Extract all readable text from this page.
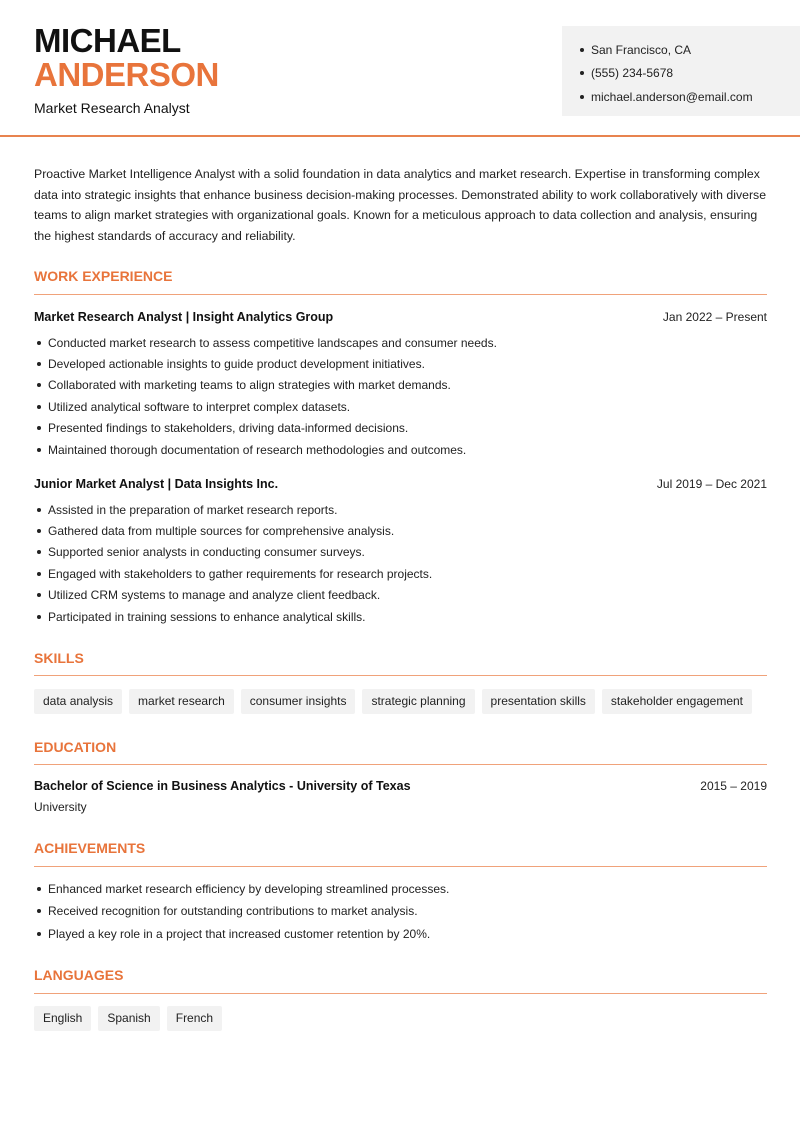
MICHAEL
ANDERSON
Market Research Analyst
San Francisco, CA
(555) 234-5678
michael.anderson@email.com

Proactive Market Intelligence Analyst with a solid foundation in data analytics and market research. Expertise in transforming complex data into strategic insights that enhance business decision-making processes. Demonstrated ability to work collaboratively with diverse teams to align market strategies with organizational goals. Known for a meticulous approach to data collection and analysis, ensuring the highest standards of accuracy and reliability.

WORK EXPERIENCE
Market Research Analyst | Insight Analytics Group	Jan 2022 – Present
Conducted market research to assess competitive landscapes and consumer needs.
Developed actionable insights to guide product development initiatives.
Collaborated with marketing teams to align strategies with market demands.
Utilized analytical software to interpret complex datasets.
Presented findings to stakeholders, driving data-informed decisions.
Maintained thorough documentation of research methodologies and outcomes.
Junior Market Analyst | Data Insights Inc.	Jul 2019 – Dec 2021
Assisted in the preparation of market research reports.
Gathered data from multiple sources for comprehensive analysis.
Supported senior analysts in conducting consumer surveys.
Engaged with stakeholders to gather requirements for research projects.
Utilized CRM systems to manage and analyze client feedback.
Participated in training sessions to enhance analytical skills.
SKILLS
data analysis	market research	consumer insights	strategic planning	presentation skills	stakeholder engagement
EDUCATION
Bachelor of Science in Business Analytics - University of Texas	2015 – 2019
University
ACHIEVEMENTS
Enhanced market research efficiency by developing streamlined processes.
Received recognition for outstanding contributions to market analysis.
Played a key role in a project that increased customer retention by 20%.
LANGUAGES
English	Spanish	French
